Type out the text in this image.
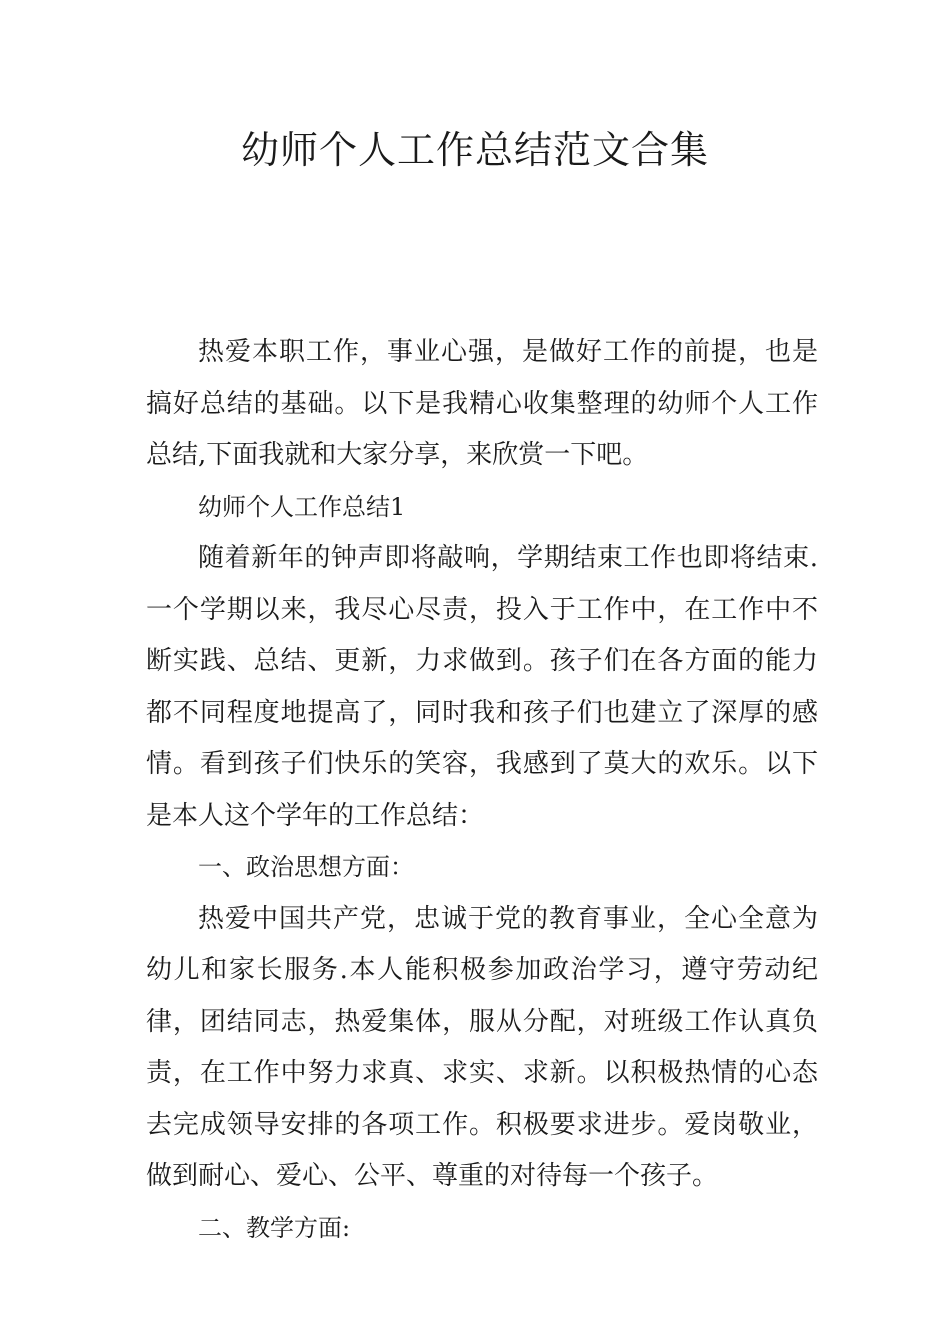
幼师个人工作总结范文合集

热爱本职工作，事业心强，是做好工作的前提，也是搞好总结的基础。以下是我精心收集整理的幼师个人工作总结,下面我就和大家分享，来欣赏一下吧。

幼师个人工作总结1

随着新年的钟声即将敲响，学期结束工作也即将结束.一个学期以来，我尽心尽责，投入于工作中，在工作中不断实践、总结、更新，力求做到。孩子们在各方面的能力都不同程度地提高了，同时我和孩子们也建立了深厚的感情。看到孩子们快乐的笑容，我感到了莫大的欢乐。以下是本人这个学年的工作总结：

一、政治思想方面：

热爱中国共产党，忠诚于党的教育事业，全心全意为幼儿和家长服务.本人能积极参加政治学习，遵守劳动纪律，团结同志，热爱集体，服从分配，对班级工作认真负责，在工作中努力求真、求实、求新。以积极热情的心态去完成领导安排的各项工作。积极要求进步。爱岗敬业，做到耐心、爱心、公平、尊重的对待每一个孩子。

二、教学方面:
